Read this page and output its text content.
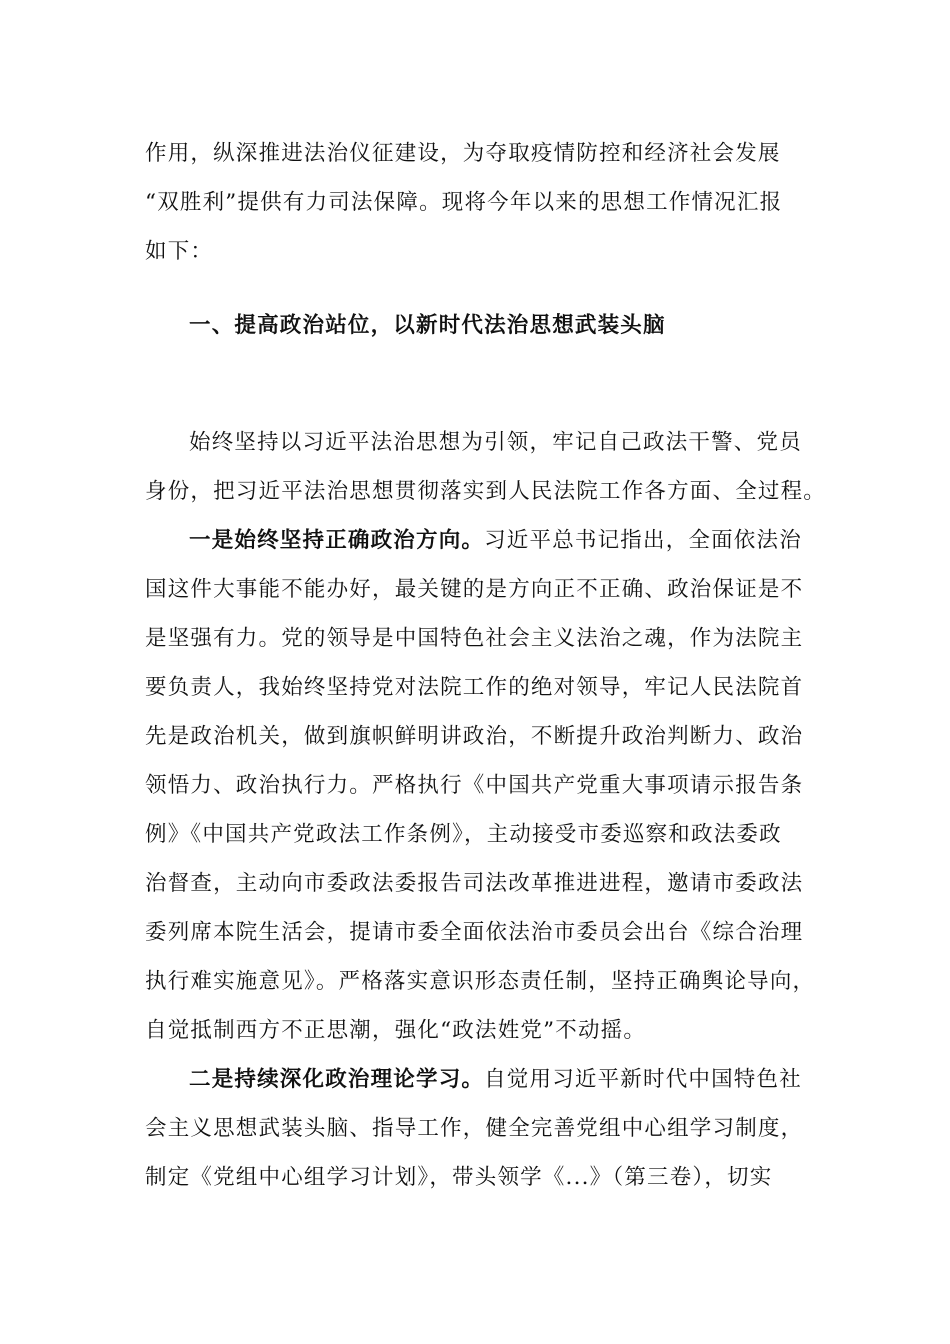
作用，纵深推进法治仪征建设，为夺取疫情防控和经济社会发展
“双胜利”提供有力司法保障。现将今年以来的思想工作情况汇报
如下：
一、提高政治站位，以新时代法治思想武装头脑
始终坚持以习近平法治思想为引领，牢记自己政法干警、党员
身份，把习近平法治思想贯彻落实到人民法院工作各方面、全过程。
一是始终坚持正确政治方向。习近平总书记指出，全面依法治
国这件大事能不能办好，最关键的是方向正不正确、政治保证是不
是坚强有力。党的领导是中国特色社会主义法治之魂，作为法院主
要负责人，我始终坚持党对法院工作的绝对领导，牢记人民法院首
先是政治机关，做到旗帜鲜明讲政治，不断提升政治判断力、政治
领悟力、政治执行力。严格执行《中国共产党重大事项请示报告条
例》《中国共产党政法工作条例》，主动接受市委巡察和政法委政
治督查，主动向市委政法委报告司法改革推进进程，邀请市委政法
委列席本院生活会，提请市委全面依法治市委员会出台《综合治理
执行难实施意见》。严格落实意识形态责任制，坚持正确舆论导向，
自觉抵制西方不正思潮，强化“政法姓党”不动摇。
二是持续深化政治理论学习。自觉用习近平新时代中国特色社
会主义思想武装头脑、指导工作，健全完善党组中心组学习制度，
制定《党组中心组学习计划》，带头领学《...》（第三卷），切实
